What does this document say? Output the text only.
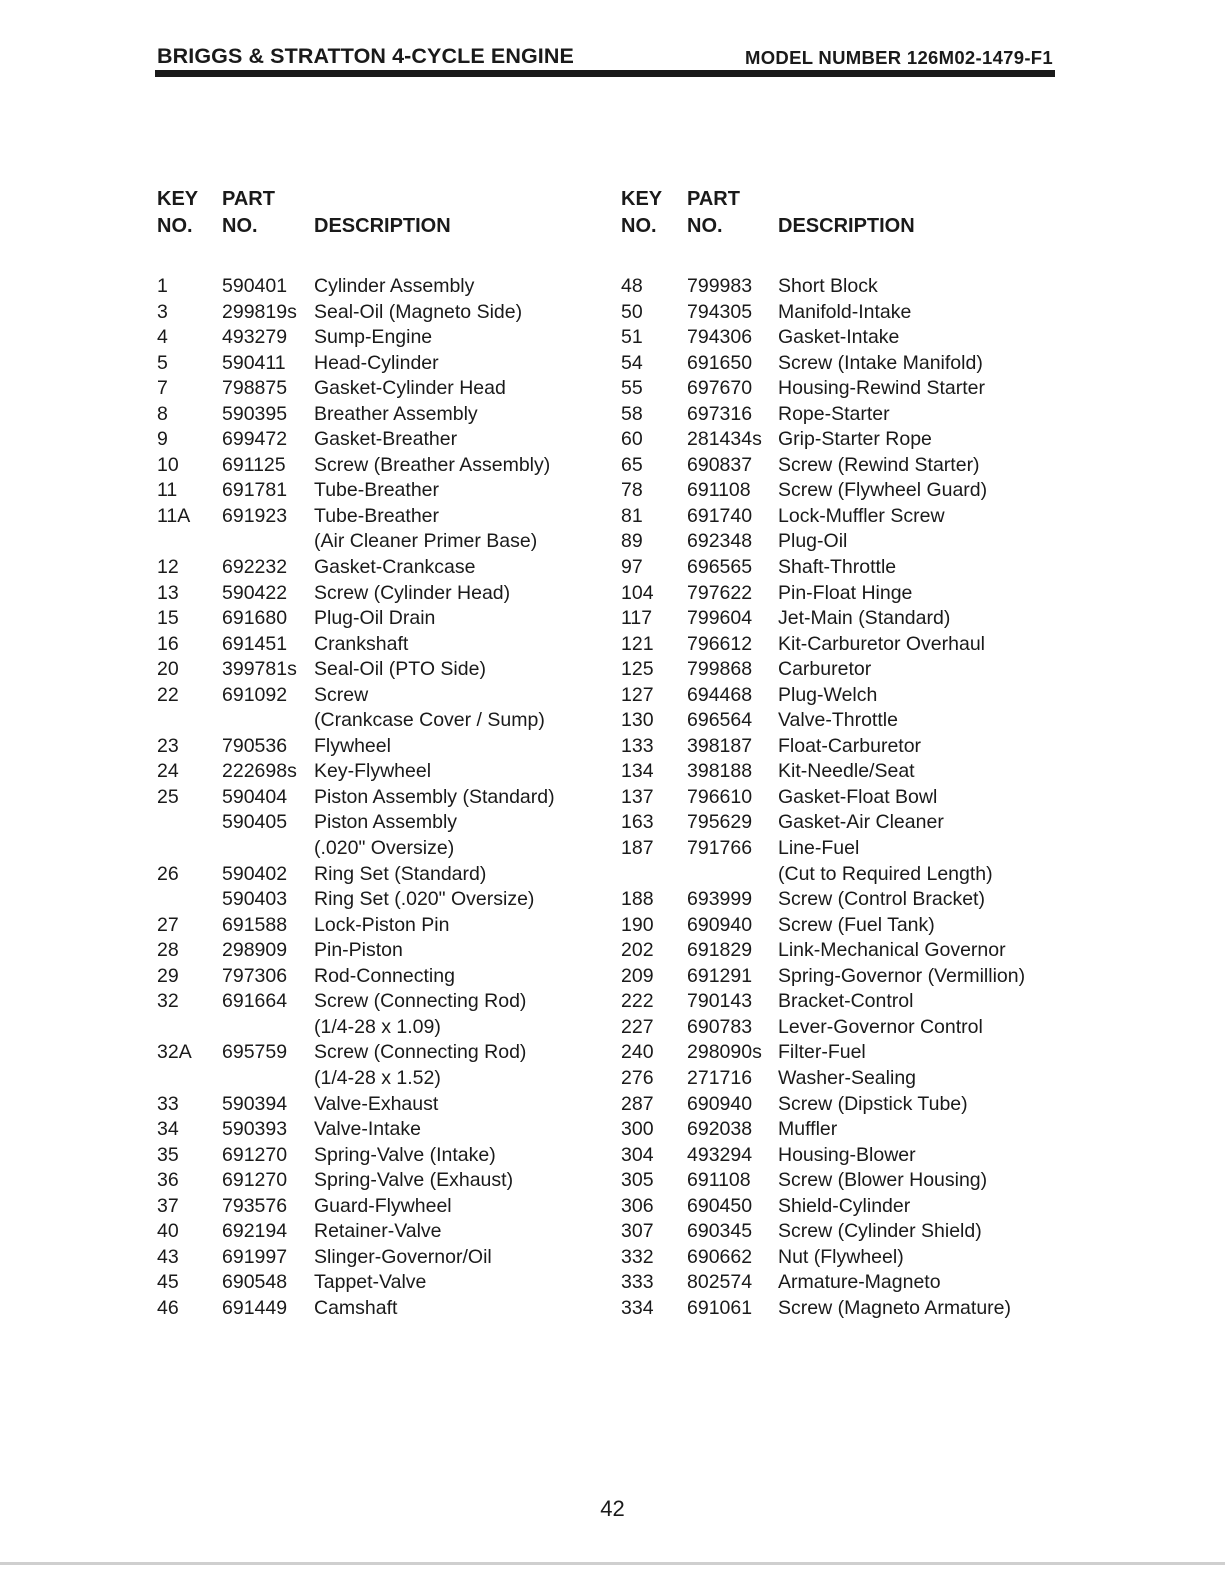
BRIGGS & STRATTON 4-CYCLE ENGINE	MODEL NUMBER 126M02-1479-F1
KEY
NO.
PART
NO.	DESCRIPTION
1	590401 Cylinder Assembly
3	299819s Seal-Oil (Magneto Side)
4	493279 Sump-Engine
5	590411 Head-Cylinder
7	798875 Gasket-Cylinder Head
8	590395 Breather Assembly
9	699472 Gasket-Breather
10 691125 Screw (Breather Assembly)
11 691781 Tube-Breather
11A 691923 Tube-Breather
(Air Cleaner Primer Base)
12 692232 Gasket-Crankcase
13 590422 Screw (Cylinder Head)
15 691680 Plug-Oil Drain
16 691451 Crankshaft
20 399781s Seal-Oil (PTO Side)
22 691092 Screw
(Crankcase Cover / Sump)
23 790536 Flywheel
24 222698s Key-Flywheel
25 590404 Piston Assembly (Standard)
590405 Piston Assembly
(.020" Oversize)
26 590402 Ring Set (Standard)
590403 Ring Set (.020" Oversize)
27 691588 Lock-Piston Pin
28 298909 Pin-Piston
29 797306 Rod-Connecting
32 691664 Screw (Connecting Rod)
(1/4-28 x 1.09)
32A 695759 Screw (Connecting Rod)
(1/4-28 x 1.52)
33 590394 Valve-Exhaust
34 590393 Valve-Intake
35 691270 Spring-Valve (Intake)
36 691270 Spring-Valve (Exhaust)
37 793576 Guard-Flywheel
40 692194 Retainer-Valve
43 691997 Slinger-Governor/Oil
45 690548 Tappet-Valve
46 691449 Camshaft
KEY
NO.
PART
NO.	DESCRIPTION
48 799983 Short Block
50 794305 Manifold-Intake
51 794306 Gasket-Intake
54 691650 Screw (Intake Manifold)
55 697670 Housing-Rewind Starter
58 697316 Rope-Starter
60 281434s Grip-Starter Rope
65 690837 Screw (Rewind Starter)
78 691108 Screw (Flywheel Guard)
81 691740 Lock-Muffler Screw
89 692348 Plug-Oil
97 696565 Shaft-Throttle
104 797622 Pin-Float Hinge
117 799604 Jet-Main (Standard)
121 796612 Kit-Carburetor Overhaul
125 799868 Carburetor
127 694468 Plug-Welch
130 696564 Valve-Throttle
133 398187 Float-Carburetor
134 398188 Kit-Needle/Seat
137 796610 Gasket-Float Bowl
163 795629 Gasket-Air Cleaner
187 791766 Line-Fuel
(Cut to Required Length)
188 693999 Screw (Control Bracket)
190 690940 Screw (Fuel Tank)
202 691829 Link-Mechanical Governor
209 691291 Spring-Governor (Vermillion)
222 790143 Bracket-Control
227 690783 Lever-Governor Control
240 298090s Filter-Fuel
276 271716 Washer-Sealing
287 690940 Screw (Dipstick Tube)
300 692038 Muffler
304 493294 Housing-Blower
305 691108 Screw (Blower Housing)
306 690450 Shield-Cylinder
307 690345 Screw (Cylinder Shield)
332 690662 Nut (Flywheel)
333 802574 Armature-Magneto
334 691061 Screw (Magneto Armature)
42
